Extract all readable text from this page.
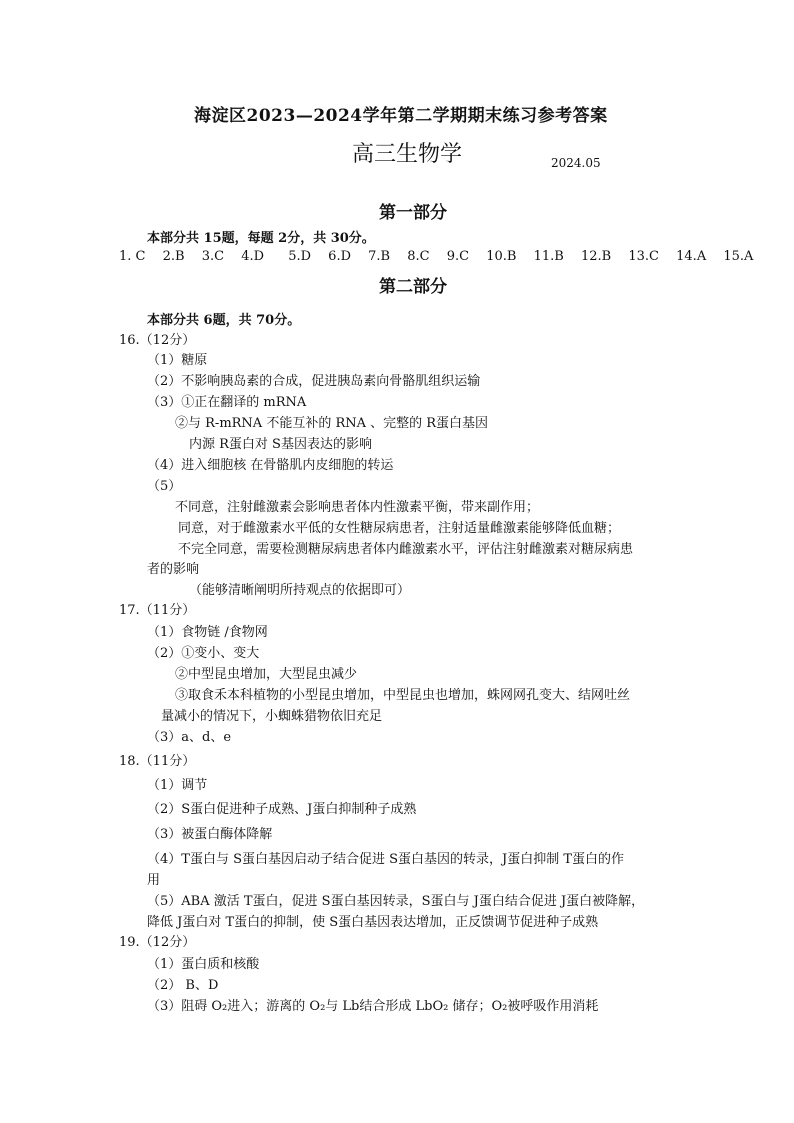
海淀区2023—2024学年第二学期期末练习参考答案
高三生物学	2024.05
第一部分
本部分共 15题，每题 2分，共 30分。
1. C 2.B 3.C 4.D 5.D 6.D 7.B 8.C 9.C 10.B 11.B 12.B 13.C 14.A 15.A
第二部分
本部分共 6题，共 70分。
16.（12分）
（1）糖原
（2）不影响胰岛素的合成，促进胰岛素向骨骼肌组织运输
（3）①正在翻译的 mRNA
②与 R-mRNA 不能互补的 RNA 、完整的 R蛋白基因
内源 R蛋白对 S基因表达的影响
（4）进入细胞核 在骨骼肌内皮细胞的转运
（5）
不同意，注射雌激素会影响患者体内性激素平衡，带来副作用；
同意，对于雌激素水平低的女性糖尿病患者，注射适量雌激素能够降低血糖；
不完全同意，需要检测糖尿病患者体内雌激素水平，评估注射雌激素对糖尿病患
者的影响
（能够清晰阐明所持观点的依据即可）
17.（11分）
（1）食物链 /食物网
（2）①变小、变大
②中型昆虫增加，大型昆虫减少
③取食禾本科植物的小型昆虫增加，中型昆虫也增加，蛛网网孔变大、结网吐丝
量减小的情况下，小蜘蛛猎物依旧充足
（3）a、d、e
18.（11分）
（1）调节
（2）S蛋白促进种子成熟、J蛋白抑制种子成熟
（3）被蛋白酶体降解
（4）T蛋白与 S蛋白基因启动子结合促进 S蛋白基因的转录，J蛋白抑制 T蛋白的作
用
（5）ABA 激活 T蛋白，促进 S蛋白基因转录，S蛋白与 J蛋白结合促进 J蛋白被降解，
降低 J蛋白对 T蛋白的抑制，使 S蛋白基因表达增加，正反馈调节促进种子成熟
19.（12分）
（1）蛋白质和核酸
（2） B、D
（3）阻碍 O₂进入；游离的 O₂与 Lb结合形成 LbO₂ 储存；O₂被呼吸作用消耗
